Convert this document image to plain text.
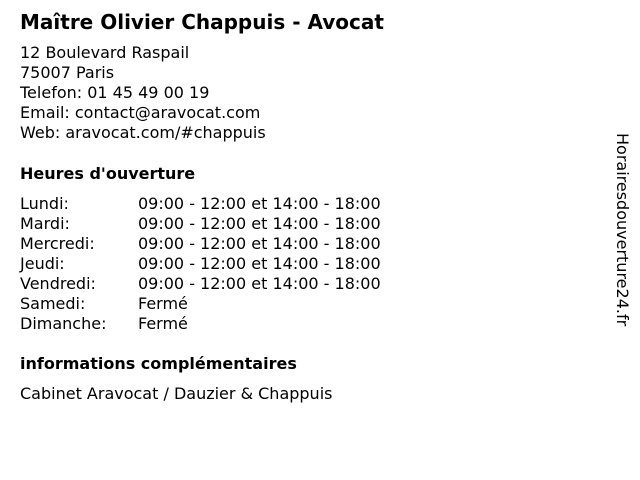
Maître Olivier Chappuis - Avocat
12 Boulevard Raspail
75007 Paris
Telefon: 01 45 49 00 19
Email: contact@aravocat.com
Web: aravocat.com/#chappuis
Heures d'ouverture
Lundi:	09:00 - 12:00 et 14:00 - 18:00
Mardi:	09:00 - 12:00 et 14:00 - 18:00
Mercredi:	09:00 - 12:00 et 14:00 - 18:00
Jeudi:	09:00 - 12:00 et 14:00 - 18:00
Vendredi:	09:00 - 12:00 et 14:00 - 18:00
Samedi:	Fermé
Dimanche: Fermé
informations complémentaires
Cabinet Aravocat / Dauzier & Chappuis
Horairesdouverture24.fr
